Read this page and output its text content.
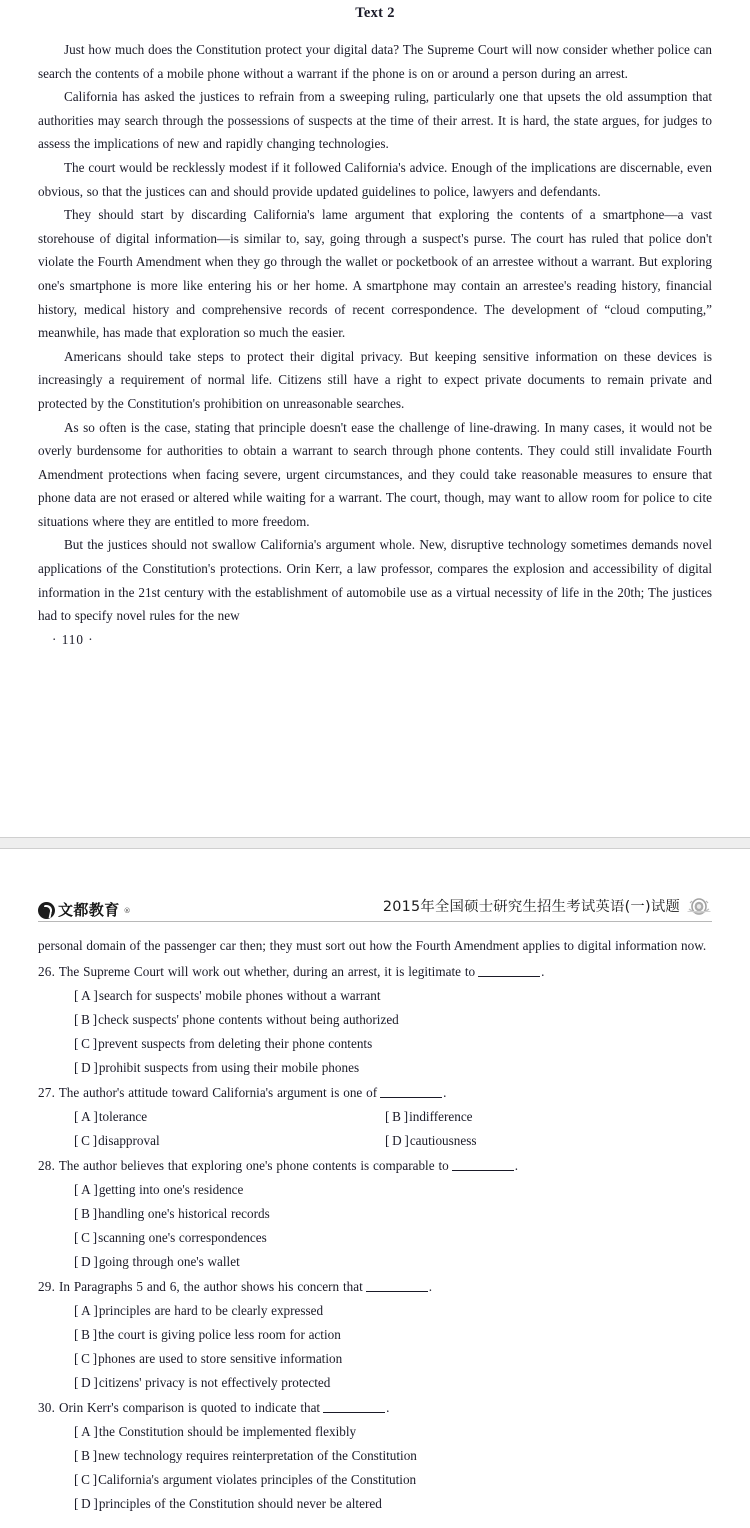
Text 2

Just how much does the Constitution protect your digital data? The Supreme Court will now consider whether police can search the contents of a mobile phone without a warrant if the phone is on or around a person during an arrest.

California has asked the justices to refrain from a sweeping ruling, particularly one that upsets the old assumption that authorities may search through the possessions of suspects at the time of their arrest. It is hard, the state argues, for judges to assess the implications of new and rapidly changing technologies.

The court would be recklessly modest if it followed California's advice. Enough of the implications are discernable, even obvious, so that the justices can and should provide updated guidelines to police, lawyers and defendants.

They should start by discarding California's lame argument that exploring the contents of a smartphone—a vast storehouse of digital information—is similar to, say, going through a suspect's purse. The court has ruled that police don't violate the Fourth Amendment when they go through the wallet or pocketbook of an arrestee without a warrant. But exploring one's smartphone is more like entering his or her home. A smartphone may contain an arrestee's reading history, financial history, medical history and comprehensive records of recent correspondence. The development of “cloud computing,” meanwhile, has made that exploration so much the easier.

Americans should take steps to protect their digital privacy. But keeping sensitive information on these devices is increasingly a requirement of normal life. Citizens still have a right to expect private documents to remain private and protected by the Constitution's prohibition on unreasonable searches.

As so often is the case, stating that principle doesn't ease the challenge of line-drawing. In many cases, it would not be overly burdensome for authorities to obtain a warrant to search through phone contents. They could still invalidate Fourth Amendment protections when facing severe, urgent circumstances, and they could take reasonable measures to ensure that phone data are not erased or altered while waiting for a warrant. The court, though, may want to allow room for police to cite situations where they are entitled to more freedom.

But the justices should not swallow California's argument whole. New, disruptive technology sometimes demands novel applications of the Constitution's protections. Orin Kerr, a law professor, compares the explosion and accessibility of digital information in the 21st century with the establishment of automobile use as a virtual necessity of life in the 20th; The justices had to specify novel rules for the new

· 110 ·
文都教育 ®	2015年全国硕士研究生招生考试英语(一)试题

personal domain of the passenger car then; they must sort out how the Fourth Amendment applies to digital information now.

26. The Supreme Court will work out whether, during an arrest, it is legitimate to	.
[ A ]search for suspects' mobile phones without a warrant
[ B ]check suspects' phone contents without being authorized
[ C ]prevent suspects from deleting their phone contents
[ D ]prohibit suspects from using their mobile phones
27. The author's attitude toward California's argument is one of	.
[ A ]tolerance	[ B ]indifference
[ C ]disapproval	[ D ]cautiousness
28. The author believes that exploring one's phone contents is comparable to	.
[ A ]getting into one's residence
[ B ]handling one's historical records
[ C ]scanning one's correspondences
[ D ]going through one's wallet
29. In Paragraphs 5 and 6, the author shows his concern that	.
[ A ]principles are hard to be clearly expressed
[ B ]the court is giving police less room for action
[ C ]phones are used to store sensitive information
[ D ]citizens' privacy is not effectively protected
30. Orin Kerr's comparison is quoted to indicate that	.
[ A ]the Constitution should be implemented flexibly
[ B ]new technology requires reinterpretation of the Constitution
[ C ]California's argument violates principles of the Constitution
[ D ]principles of the Constitution should never be altered
